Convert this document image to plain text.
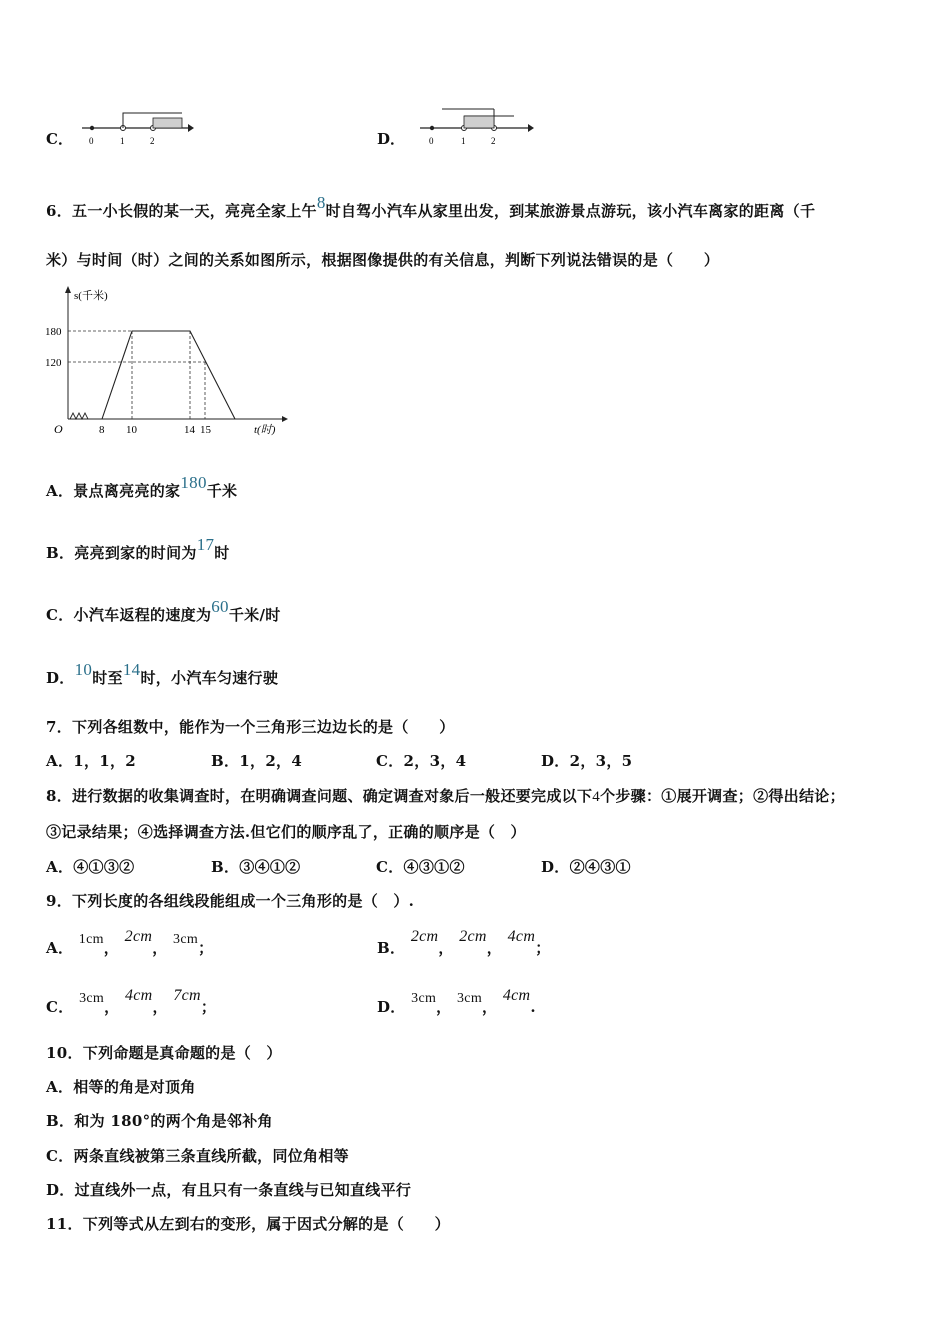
C． 0	1	2	D．	0	1	2
6．五一小长假的某一天，亮亮全家上午8时自驾小汽车从家里出发，到某旅游景点游玩，该小汽车离家的距离（千
米）与时间（时）之间的关系如图所示，根据图像提供的有关信息，判断下列说法错误的是（　　）
s(千米)
180
120
O	8 10	14 15	t(时)
A．景点离亮亮的家180千米
B．亮亮到家的时间为17时
C．小汽车返程的速度为60千米/时
D．10时至14时，小汽车匀速行驶
7．下列各组数中，能作为一个三角形三边边长的是（　　）
A．1，1，2	B．1，2，4	C．2，3，4	D．2，3，5
8．进行数据的收集调查时，在明确调查问题、确定调查对象后一般还要完成以下4个步骤：①展开调查；②得出结论；
③记录结果；④选择调查方法.但它们的顺序乱了，正确的顺序是（　）
A．④①③②	B．③④①②	C．④③①②	D．②④③①
9．下列长度的各组线段能组成一个三角形的是（　）.
A． 1cm， 2cm， 3cm；	B． 2cm， 2cm， 4cm；
C． 3cm， 4cm， 7cm；	D． 3cm， 3cm， 4cm.
10．下列命题是真命题的是（　）
A．相等的角是对顶角
B．和为 180°的两个角是邻补角
C．两条直线被第三条直线所截，同位角相等
D．过直线外一点，有且只有一条直线与已知直线平行
11．下列等式从左到右的变形，属于因式分解的是（　　）
